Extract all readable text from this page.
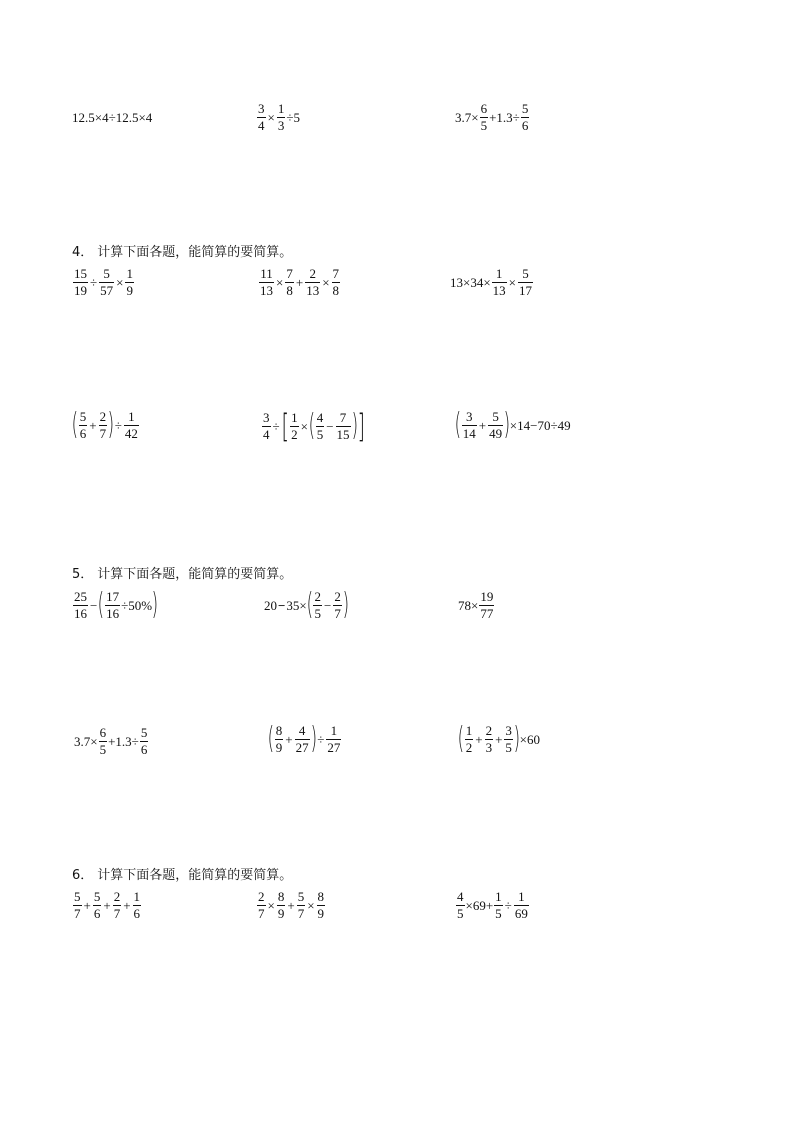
12.5×4÷12.5×4	$\frac{3}{4} \times \frac{1}{3} \div 5$	$3.7\times \frac{6}{5} +1.3\div \frac{5}{6}$
4． 计算下面各题，能简算的要简算。
$\frac{15}{19} \div \frac{5}{57} \times \frac{1}{9}$	$\frac{11}{13} \times \frac{7}{8} + \frac{2}{13} \times \frac{7}{8}$	$13\times 34\times \frac{1}{13} \times \frac{5}{17}$
( $\frac{5}{6} + \frac{2}{7}$ ) ÷ $\frac{1}{42}$	$\frac{3}{4}$ ÷ [ $\frac{1}{2}$ × ( $\frac{4}{5} - \frac{7}{15}$ ) ]	( $\frac{3}{14} + \frac{5}{49}$ ) ×14−70÷49
5． 计算下面各题，能简算的要简算。
$\frac{25}{16}$ − ( $\frac{17}{16} \div 50\%$ )	20 − 35× ( $\frac{2}{5} - \frac{2}{7}$ )	$78\times \frac{19}{77}$
$3.7\times \frac{6}{5} +1.3\div \frac{5}{6}$	( $\frac{8}{9} + \frac{4}{27}$ ) ÷ $\frac{1}{27}$	( $\frac{1}{2} + \frac{2}{3} + \frac{3}{5}$ ) ×60
6． 计算下面各题，能简算的要简算。
$\frac{5}{7} + \frac{5}{6} + \frac{2}{7} + \frac{1}{6}$	$\frac{2}{7} \times \frac{8}{9} + \frac{5}{7} \times \frac{8}{9}$	$\frac{4}{5} \times 69+ \frac{1}{5} \div \frac{1}{69}$
